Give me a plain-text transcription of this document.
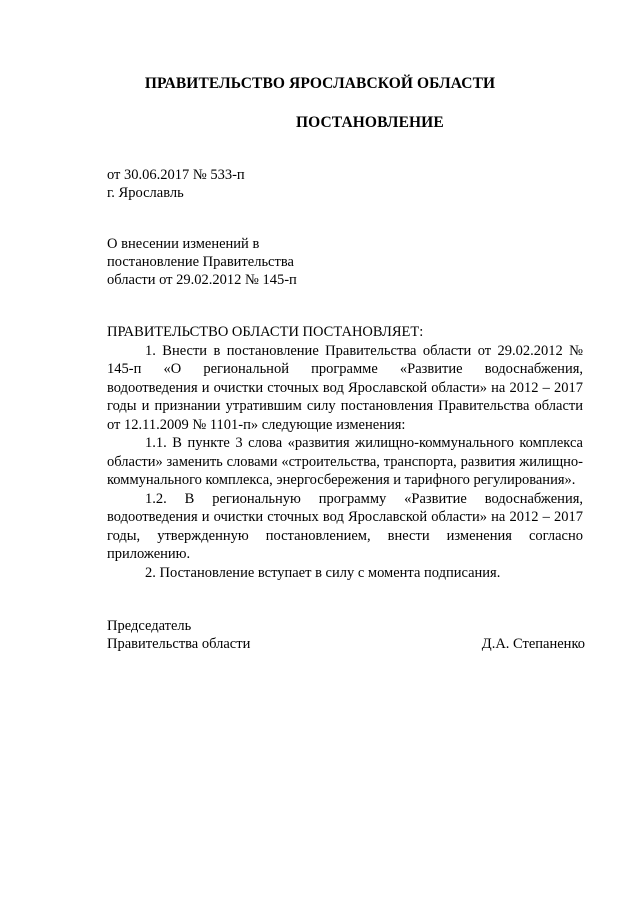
ПРАВИТЕЛЬСТВО ЯРОСЛАВСКОЙ ОБЛАСТИ
ПОСТАНОВЛЕНИЕ
от 30.06.2017 № 533-п
г. Ярославль
О внесении изменений в
постановление Правительства
области от 29.02.2012 № 145-п

ПРАВИТЕЛЬСТВО ОБЛАСТИ ПОСТАНОВЛЯЕТ:

1. Внести в постановление Правительства области от 29.02.2012 № 145-п «О региональной программе «Развитие водоснабжения, водоотведения и очистки сточных вод Ярославской области» на 2012 – 2017 годы и признании утратившим силу постановления Правительства области от 12.11.2009 № 1101-п» следующие изменения:

1.1. В пункте 3 слова «развития жилищно-коммунального комплекса области» заменить словами «строительства, транспорта, развития жилищно-коммунального комплекса, энергосбережения и тарифного регулирования».

1.2. В региональную программу «Развитие водоснабжения, водоотведения и очистки сточных вод Ярославской области» на 2012 – 2017 годы, утвержденную постановлением, внести изменения согласно приложению.

2. Постановление вступает в силу с момента подписания.

Председатель
Правительства области	Д.А. Степаненко
